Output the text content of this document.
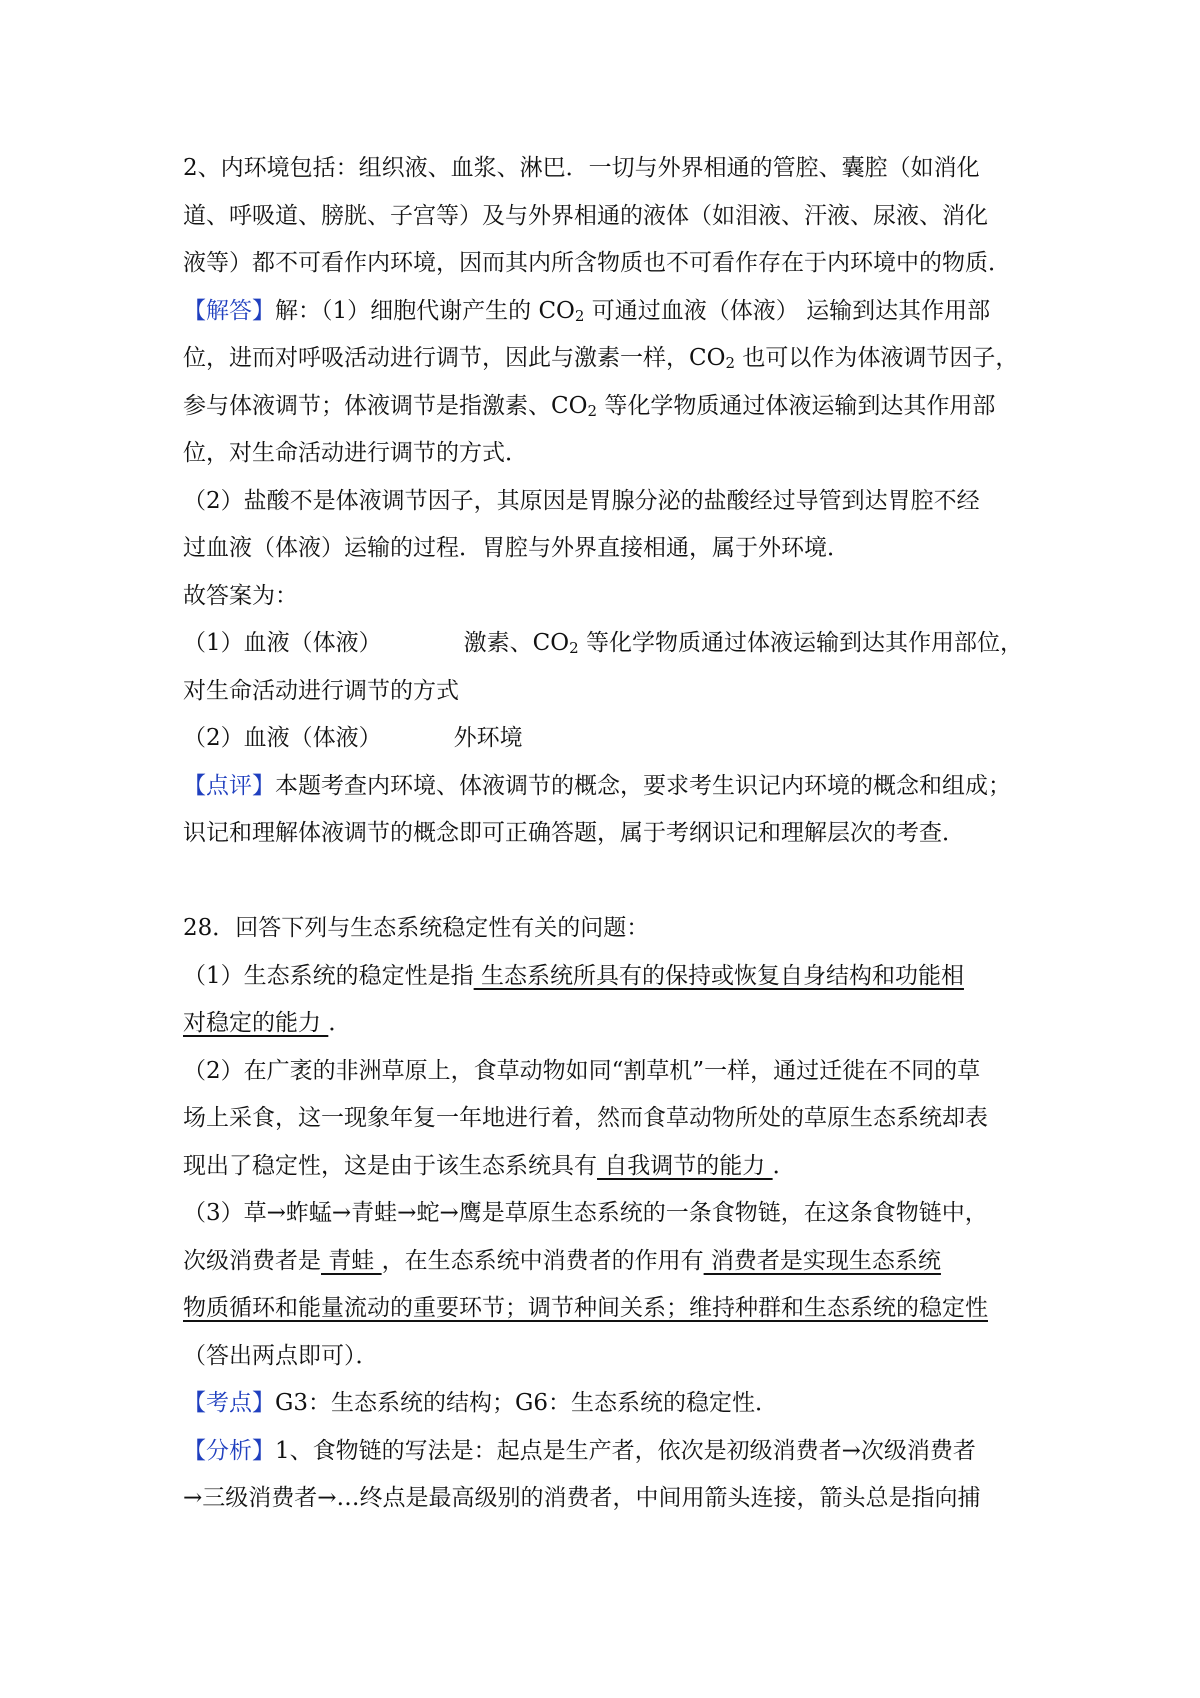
2、内环境包括：组织液、血浆、淋巴．一切与外界相通的管腔、囊腔（如消化
道、呼吸道、膀胱、子宫等）及与外界相通的液体（如泪液、汗液、尿液、消化
液等）都不可看作内环境，因而其内所含物质也不可看作存在于内环境中的物质．
【解答】解：（1）细胞代谢产生的 $CO_2$ 可通过血液（体液） 运输到达其作用部
位，进而对呼吸活动进行调节，因此与激素一样，$CO_2$ 也可以作为体液调节因子，
参与体液调节；体液调节是指激素、$CO_2$ 等化学物质通过体液运输到达其作用部
位，对生命活动进行调节的方式．
（2）盐酸不是体液调节因子，其原因是胃腺分泌的盐酸经过导管到达胃腔不经
过血液（体液）运输的过程．胃腔与外界直接相通，属于外环境．
故答案为：
（1）血液（体液）	激素、$CO_2$ 等化学物质通过体液运输到达其作用部位，
对生命活动进行调节的方式
（2）血液（体液）	外环境
【点评】本题考查内环境、体液调节的概念，要求考生识记内环境的概念和组成；
识记和理解体液调节的概念即可正确答题，属于考纲识记和理解层次的考查．
28．回答下列与生态系统稳定性有关的问题：
（1）生态系统的稳定性是指 生态系统所具有的保持或恢复自身结构和功能相
对稳定的能力 ．
（2）在广袤的非洲草原上，食草动物如同“割草机”一样，通过迁徙在不同的草
场上采食，这一现象年复一年地进行着，然而食草动物所处的草原生态系统却表
现出了稳定性，这是由于该生态系统具有 自我调节的能力 ．
（3）草→蚱蜢→青蛙→蛇→鹰是草原生态系统的一条食物链，在这条食物链中，
次级消费者是 青蛙 ，在生态系统中消费者的作用有 消费者是实现生态系统
物质循环和能量流动的重要环节；调节种间关系；维持种群和生态系统的稳定性
（答出两点即可）．
【考点】G3：生态系统的结构；G6：生态系统的稳定性．
【分析】1、食物链的写法是：起点是生产者，依次是初级消费者→次级消费者
→三级消费者→…终点是最高级别的消费者，中间用箭头连接，箭头总是指向捕
